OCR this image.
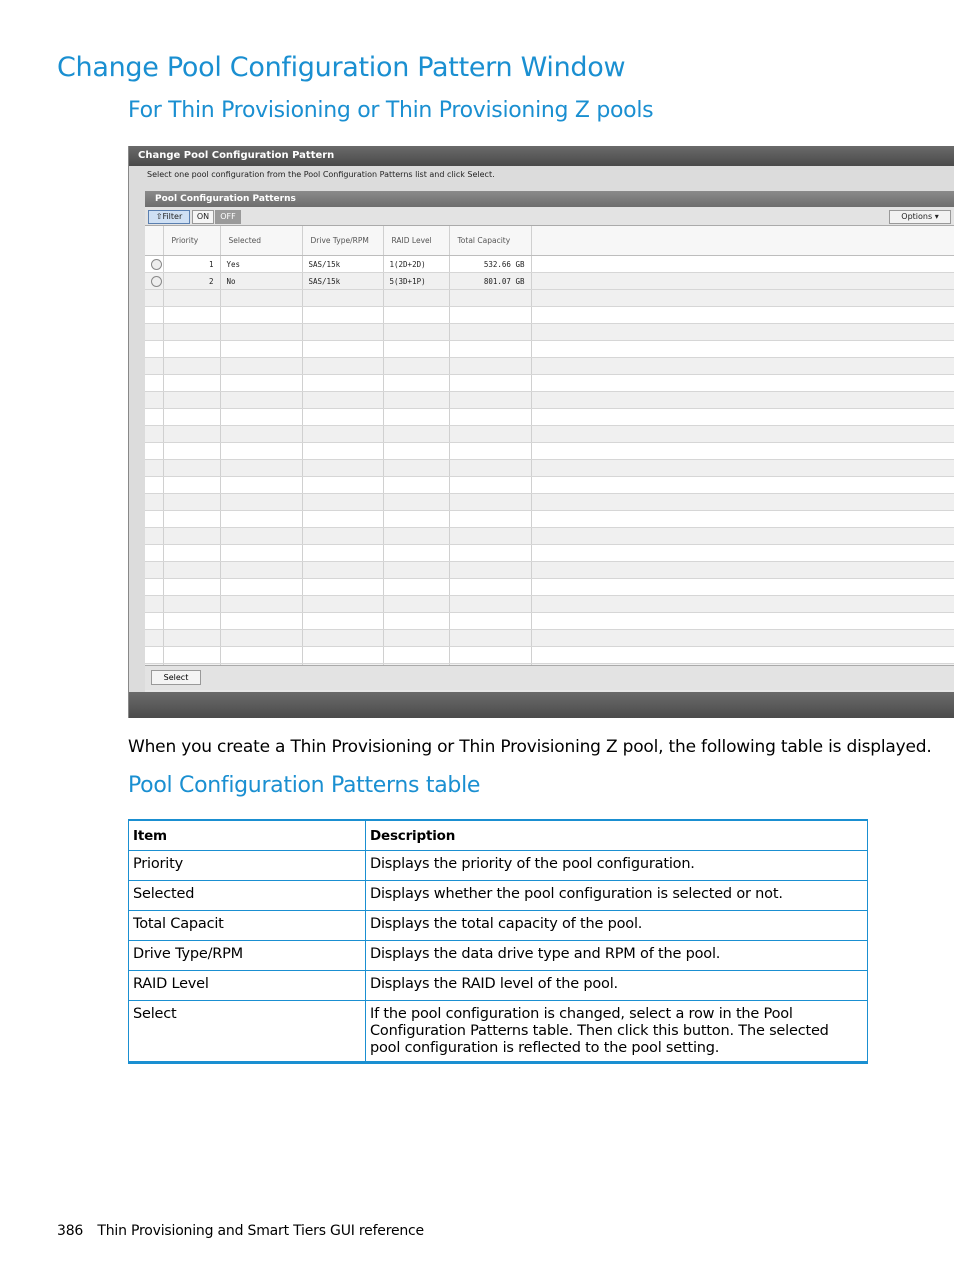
Change Pool Configuration Pattern Window
For Thin Provisioning or Thin Provisioning Z pools
Change Pool Configuration Pattern
Select one pool configuration from the Pool Configuration Patterns list and click Select.
Pool Configuration Patterns
⇧Filter	ON	OFF	Options ▾
	Priority	Selected	Drive Type/RPM	RAID Level	Total Capacity	
	1	Yes	SAS/15k	1(2D+2D)	532.66 GB	
	2	No	SAS/15k	5(3D+1P)	801.07 GB	

Select
When you create a Thin Provisioning or Thin Provisioning Z pool, the following table is displayed.
Pool Configuration Patterns table
Item	Description
Priority	Displays the priority of the pool configuration.
Selected	Displays whether the pool configuration is selected or not.
Total Capacit	Displays the total capacity of the pool.
Drive Type/RPM	Displays the data drive type and RPM of the pool.
RAID Level	Displays the RAID level of the pool.
Select	If the pool configuration is changed, select a row in the Pool Configuration Patterns table. Then click this button. The selected pool configuration is reflected to the pool setting.
386 Thin Provisioning and Smart Tiers GUI reference
